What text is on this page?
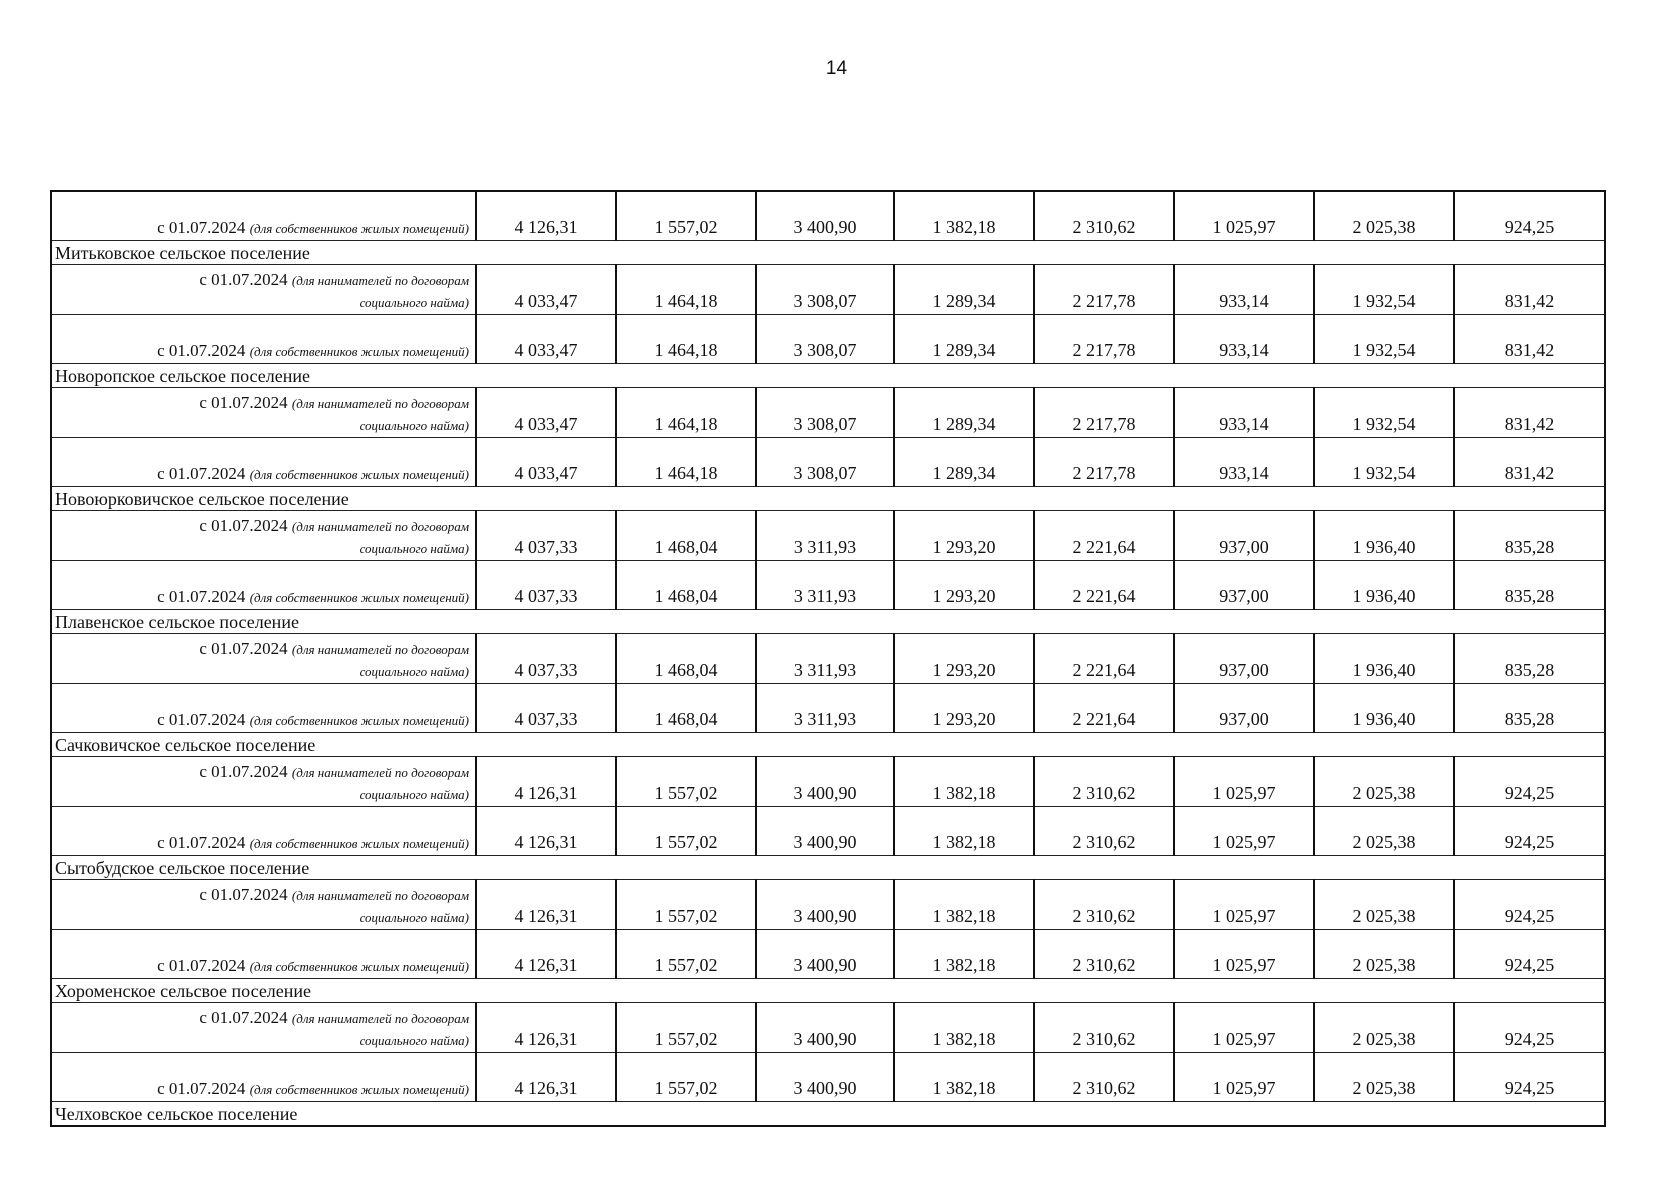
14
с 01.07.2024 (для собственников жилых помещений)	4 126,31	1 557,02	3 400,90	1 382,18	2 310,62	1 025,97	2 025,38	924,25
Митьковское сельское поселение								

с 01.07.2024 (для нанимателей по договорам
социального найма)	4 033,47	1 464,18	3 308,07	1 289,34	2 217,78	933,14	1 932,54	831,42

с 01.07.2024 (для собственников жилых помещений)	4 033,47	1 464,18	3 308,07	1 289,34	2 217,78	933,14	1 932,54	831,42
Новоропское сельское поселение								

с 01.07.2024 (для нанимателей по договорам
социального найма)	4 033,47	1 464,18	3 308,07	1 289,34	2 217,78	933,14	1 932,54	831,42

с 01.07.2024 (для собственников жилых помещений)	4 033,47	1 464,18	3 308,07	1 289,34	2 217,78	933,14	1 932,54	831,42
Новоюрковичское сельское поселение								

с 01.07.2024 (для нанимателей по договорам
социального найма)	4 037,33	1 468,04	3 311,93	1 293,20	2 221,64	937,00	1 936,40	835,28

с 01.07.2024 (для собственников жилых помещений)	4 037,33	1 468,04	3 311,93	1 293,20	2 221,64	937,00	1 936,40	835,28
Плавенское сельское поселение								

с 01.07.2024 (для нанимателей по договорам
социального найма)	4 037,33	1 468,04	3 311,93	1 293,20	2 221,64	937,00	1 936,40	835,28

с 01.07.2024 (для собственников жилых помещений)	4 037,33	1 468,04	3 311,93	1 293,20	2 221,64	937,00	1 936,40	835,28
Сачковичское сельское поселение								

с 01.07.2024 (для нанимателей по договорам
социального найма)	4 126,31	1 557,02	3 400,90	1 382,18	2 310,62	1 025,97	2 025,38	924,25

с 01.07.2024 (для собственников жилых помещений)	4 126,31	1 557,02	3 400,90	1 382,18	2 310,62	1 025,97	2 025,38	924,25
Сытобудское сельское поселение								

с 01.07.2024 (для нанимателей по договорам
социального найма)	4 126,31	1 557,02	3 400,90	1 382,18	2 310,62	1 025,97	2 025,38	924,25

с 01.07.2024 (для собственников жилых помещений)	4 126,31	1 557,02	3 400,90	1 382,18	2 310,62	1 025,97	2 025,38	924,25
Хороменское сельсвое поселение								

с 01.07.2024 (для нанимателей по договорам
социального найма)	4 126,31	1 557,02	3 400,90	1 382,18	2 310,62	1 025,97	2 025,38	924,25

с 01.07.2024 (для собственников жилых помещений)	4 126,31	1 557,02	3 400,90	1 382,18	2 310,62	1 025,97	2 025,38	924,25
Челховское сельское поселение								
